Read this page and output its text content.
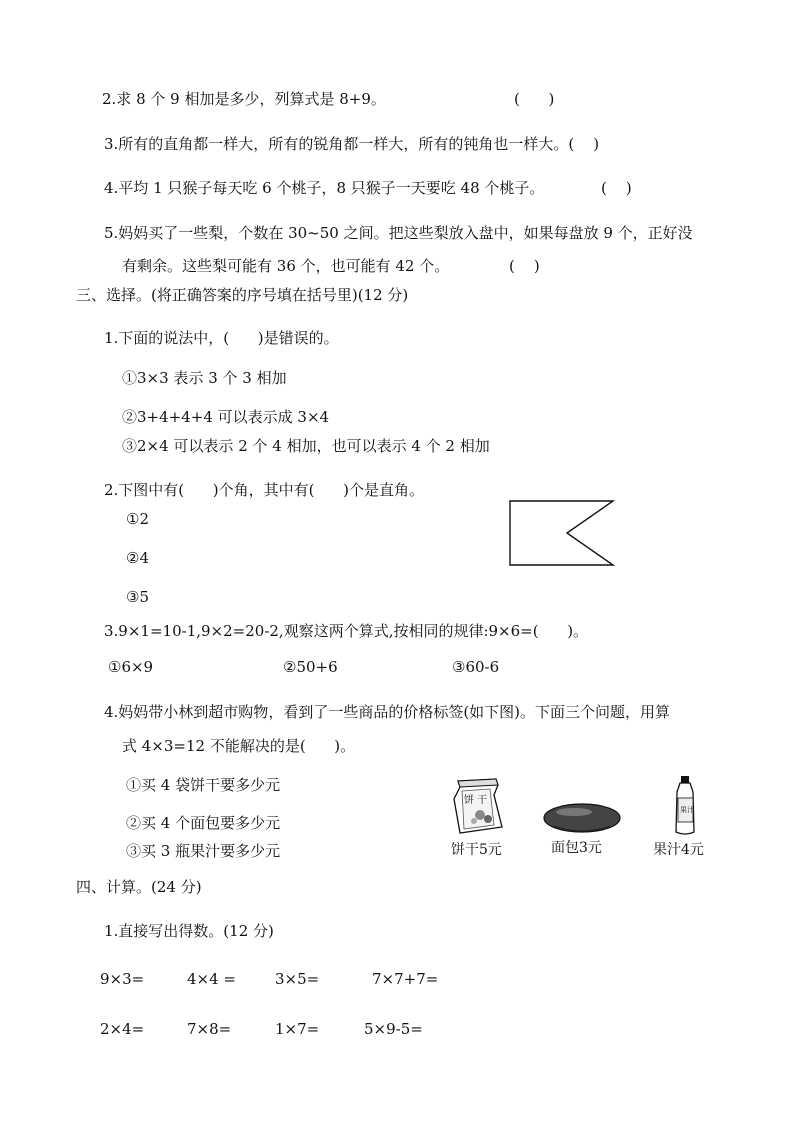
2.求 8 个 9 相加是多少，列算式是 8+9。	(      )
3.所有的直角都一样大，所有的锐角都一样大，所有的钝角也一样大。(    )
4.平均 1 只猴子每天吃 6 个桃子，8 只猴子一天要吃 48 个桃子。	(    )
5.妈妈买了一些梨，个数在 30~50 之间。把这些梨放入盘中，如果每盘放 9 个，正好没
有剩余。这些梨可能有 36 个，也可能有 42 个。	(    )
三、选择。(将正确答案的序号填在括号里)(12 分)
1.下面的说法中，(      )是错误的。
①3×3 表示 3 个 3 相加
②3+4+4+4 可以表示成 3×4
③2×4 可以表示 2 个 4 相加，也可以表示 4 个 2 相加
2.下图中有(      )个角，其中有(      )个是直角。
①2
②4
③5
3.9×1=10-1,9×2=20-2,观察这两个算式,按相同的规律:9×6=(      )。
①6×9	②50+6	③60-6
4.妈妈带小林到超市购物，看到了一些商品的价格标签(如下图)。下面三个问题，用算
式 4×3=12 不能解决的是(      )。
①买 4 袋饼干要多少元
②买 4 个面包要多少元
③买 3 瓶果汁要多少元
饼 干
饼干5元	面包3元
果汁
果汁4元
四、计算。(24 分)
1.直接写出得数。(12 分)
9×3=	4×4 =	3×5=	7×7+7=
2×4=	7×8=	1×7=	5×9-5=
